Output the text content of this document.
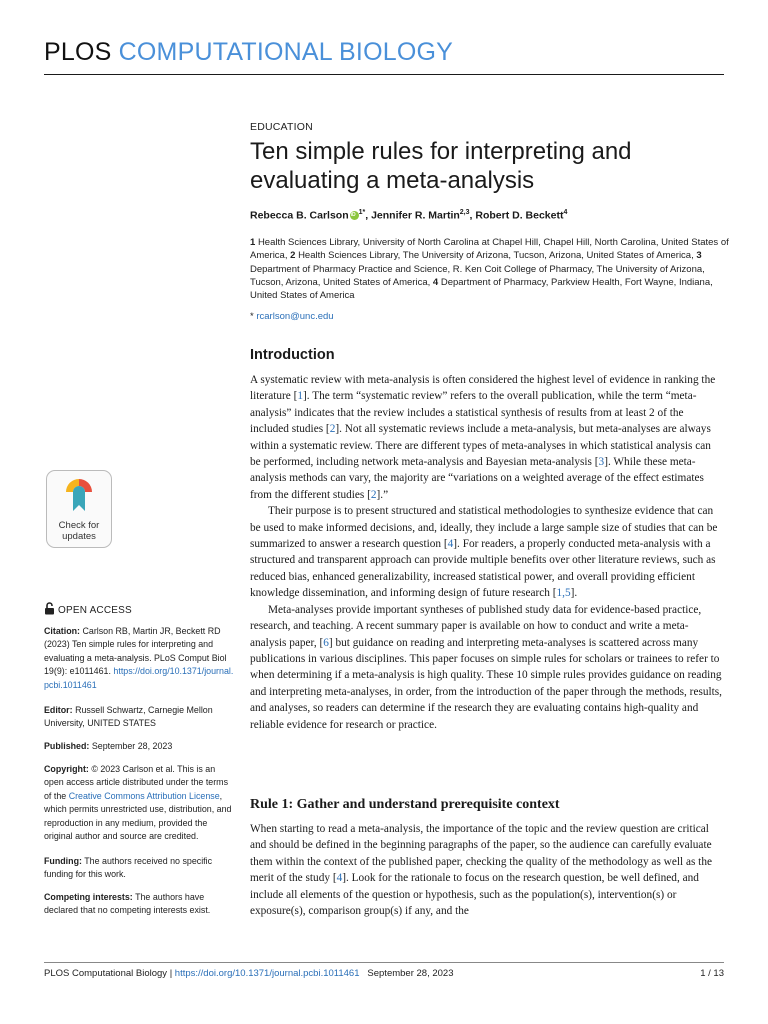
PLOS COMPUTATIONAL BIOLOGY
EDUCATION
Ten simple rules for interpreting and evaluating a meta-analysis
Rebecca B. CarlsoniD $^{1*}$, Jennifer R. Martin$^{2,3}$, Robert D. Beckett$^4$
1 Health Sciences Library, University of North Carolina at Chapel Hill, Chapel Hill, North Carolina, United States of America, 2 Health Sciences Library, The University of Arizona, Tucson, Arizona, United States of America, 3 Department of Pharmacy Practice and Science, R. Ken Coit College of Pharmacy, The University of Arizona, Tucson, Arizona, United States of America, 4 Department of Pharmacy, Parkview Health, Fort Wayne, Indiana, United States of America
* rcarlson@unc.edu
Introduction

A systematic review with meta-analysis is often considered the highest level of evidence in ranking the literature [1]. The term “systematic review” refers to the overall publication, while the term “meta-analysis” indicates that the review includes a statistical synthesis of results from at least 2 of the included studies [2]. Not all systematic reviews include a meta-analysis, but meta-analyses are always within a systematic review. There are different types of meta-analyses in which statistical analysis can be performed, including network meta-analysis and Bayesian meta-analysis [3]. While these meta-analysis methods can vary, the majority are “variations on a weighted average of the effect estimates from the different studies [2].”

Their purpose is to present structured and statistical methodologies to synthesize evidence that can be used to make informed decisions, and, ideally, they include a large sample size of studies that can be summarized to answer a research question [4]. For readers, a properly conducted meta-analysis with a structured and transparent approach can provide multiple benefits over other literature reviews, such as reduced bias, enhanced generalizability, increased statistical power, and overall providing efficient knowledge dissemination, and informing design of future research [1,5].

Meta-analyses provide important syntheses of published study data for evidence-based practice, research, and teaching. A recent summary paper is available on how to conduct and write a meta-analysis paper, [6] but guidance on reading and interpreting meta-analyses is scattered across many publications in various disciplines. This paper focuses on simple rules for scholars or trainees to refer to when determining if a meta-analysis is high quality. These 10 simple rules provides guidance on reading and interpreting meta-analyses, in order, from the introduction of the paper through the methods, results, and analyses, so readers can determine if the research they are evaluating contains high-quality and reliable evidence for research or practice.

Rule 1: Gather and understand prerequisite context

When starting to read a meta-analysis, the importance of the topic and the review question are critical and should be defined in the beginning paragraphs of the paper, so the audience can carefully evaluate them within the context of the published paper, checking the quality of the methodology as well as the merit of the study [4]. Look for the rationale to focus on the research question, be well defined, and include all elements of the question or hypothesis, such as the population(s), intervention(s) or exposure(s), comparison group(s) if any, and the

Check for
updates
OPEN ACCESS
Citation: Carlson RB, Martin JR, Beckett RD (2023) Ten simple rules for interpreting and evaluating a meta-analysis. PLoS Comput Biol 19(9): e1011461. https://doi.org/10.1371/journal.pcbi.1011461
Editor: Russell Schwartz, Carnegie Mellon University, UNITED STATES
Published: September 28, 2023
Copyright: © 2023 Carlson et al. This is an open access article distributed under the terms of the Creative Commons Attribution License, which permits unrestricted use, distribution, and reproduction in any medium, provided the original author and source are credited.
Funding: The authors received no specific funding for this work.
Competing interests: The authors have declared that no competing interests exist.
PLOS Computational Biology | https://doi.org/10.1371/journal.pcbi.1011461 September 28, 2023	1 / 13
